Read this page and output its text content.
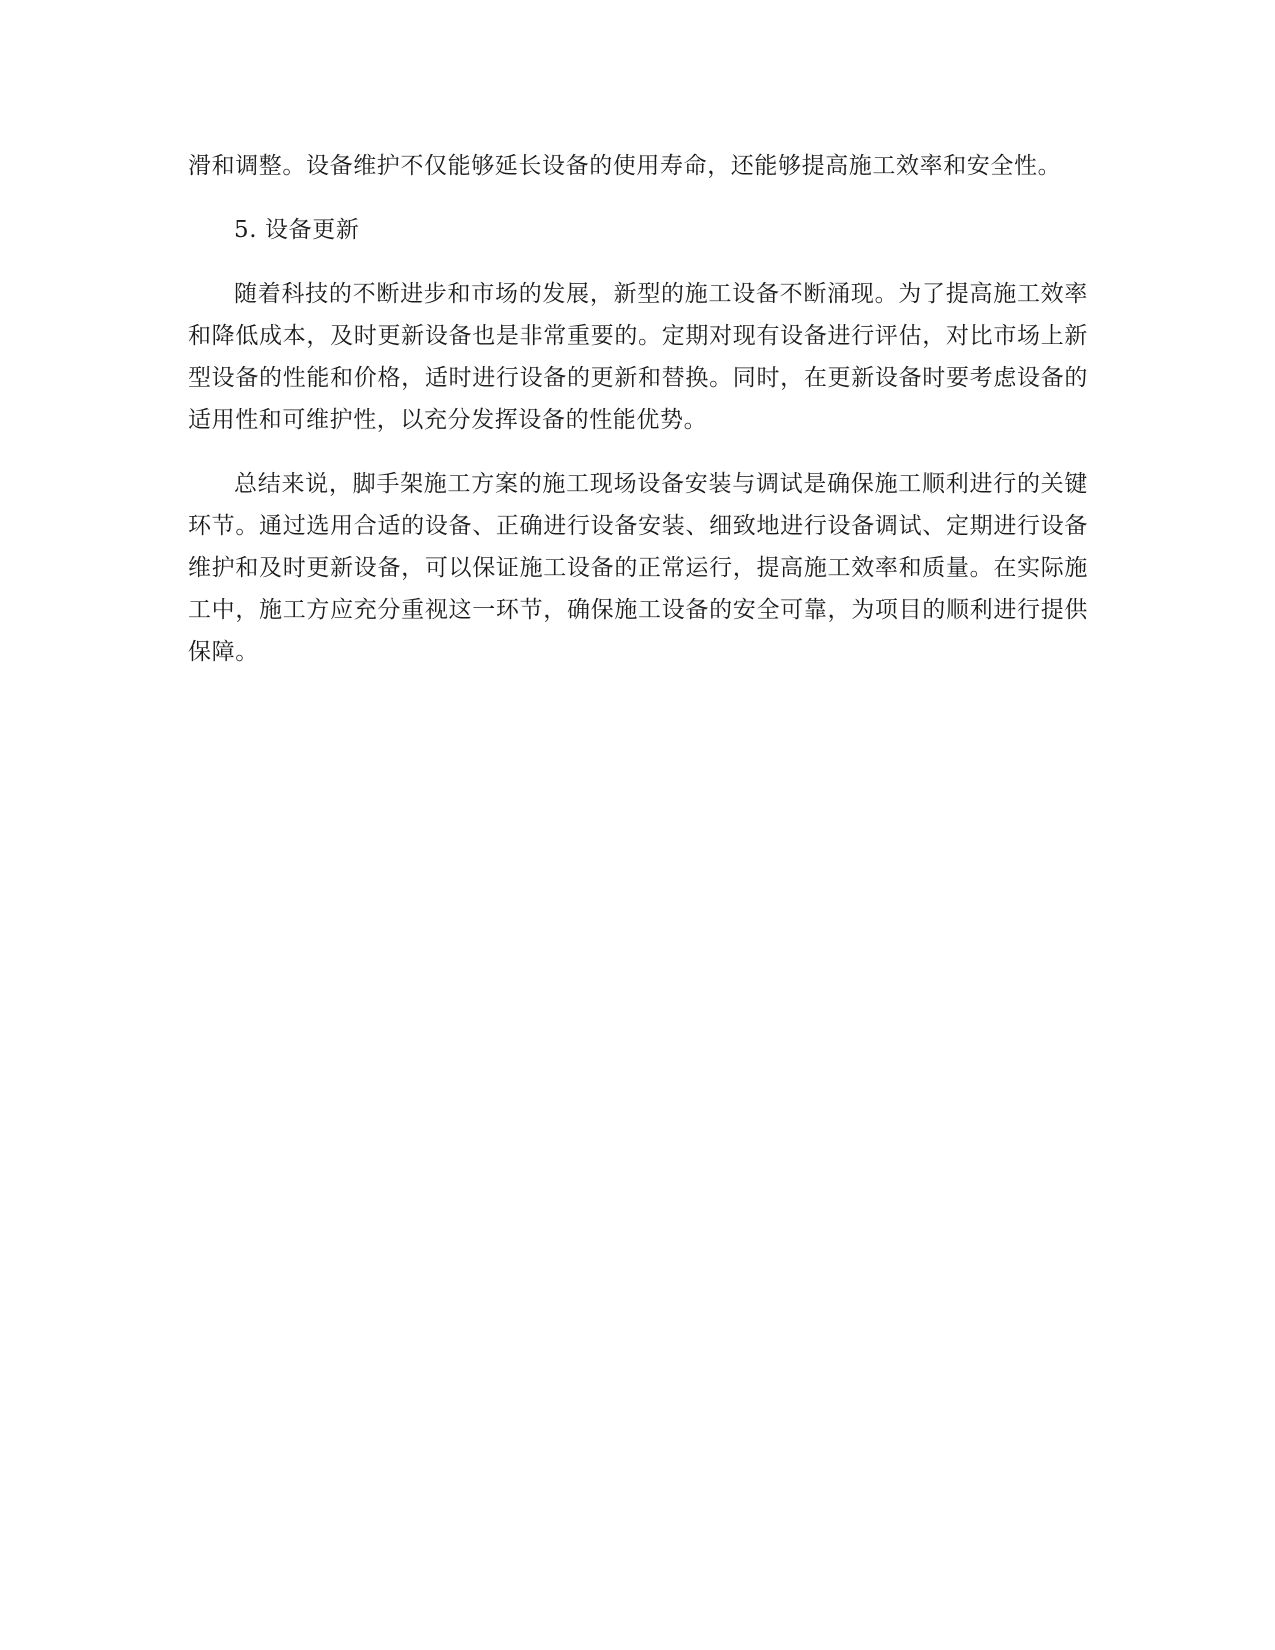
滑和调整。设备维护不仅能够延长设备的使用寿命，还能够提高施工效率和安全性。

5. 设备更新

随着科技的不断进步和市场的发展，新型的施工设备不断涌现。为了提高施工效率和降低成本，及时更新设备也是非常重要的。定期对现有设备进行评估，对比市场上新型设备的性能和价格，适时进行设备的更新和替换。同时，在更新设备时要考虑设备的适用性和可维护性，以充分发挥设备的性能优势。

总结来说，脚手架施工方案的施工现场设备安装与调试是确保施工顺利进行的关键环节。通过选用合适的设备、正确进行设备安装、细致地进行设备调试、定期进行设备维护和及时更新设备，可以保证施工设备的正常运行，提高施工效率和质量。在实际施工中，施工方应充分重视这一环节，确保施工设备的安全可靠，为项目的顺利进行提供保障。
